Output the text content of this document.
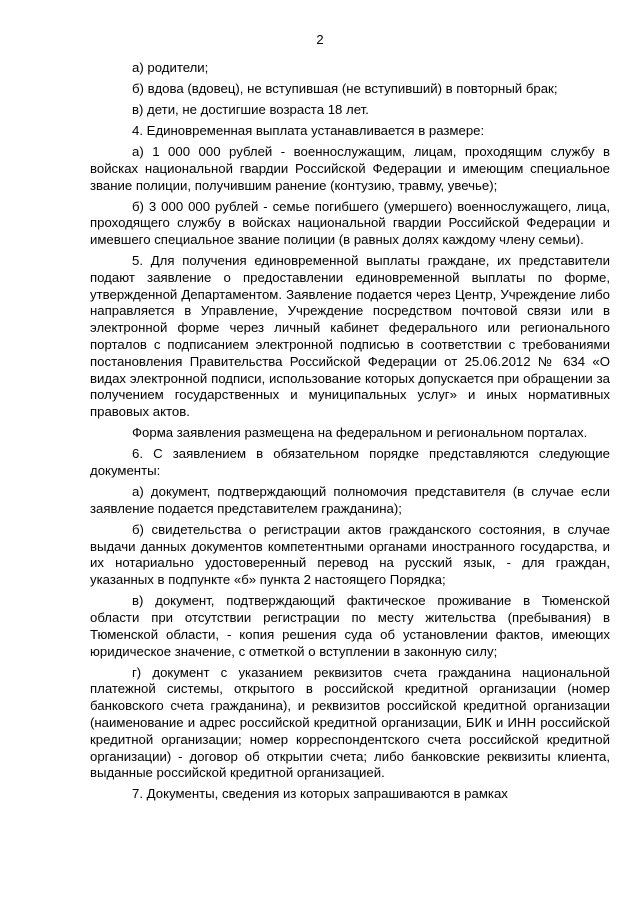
2

а) родители;

б) вдова (вдовец), не вступившая (не вступивший) в повторный брак;

в) дети, не достигшие возраста 18 лет.

4. Единовременная выплата устанавливается в размере:

а) 1 000 000 рублей - военнослужащим, лицам, проходящим службу в войсках национальной гвардии Российской Федерации и имеющим специальное звание полиции, получившим ранение (контузию, травму, увечье);

б) 3 000 000 рублей - семье погибшего (умершего) военнослужащего, лица, проходящего службу в войсках национальной гвардии Российской Федерации и имевшего специальное звание полиции (в равных долях каждому члену семьи).

5. Для получения единовременной выплаты граждане, их представители подают заявление о предоставлении единовременной выплаты по форме, утвержденной Департаментом. Заявление подается через Центр, Учреждение либо направляется в Управление, Учреждение посредством почтовой связи или в электронной форме через личный кабинет федерального или регионального порталов с подписанием электронной подписью в соответствии с требованиями постановления Правительства Российской Федерации от 25.06.2012 № 634 «О видах электронной подписи, использование которых допускается при обращении за получением государственных и муниципальных услуг» и иных нормативных правовых актов.

Форма заявления размещена на федеральном и региональном порталах.

6. С заявлением в обязательном порядке представляются следующие документы:

а) документ, подтверждающий полномочия представителя (в случае если заявление подается представителем гражданина);

б) свидетельства о регистрации актов гражданского состояния, в случае выдачи данных документов компетентными органами иностранного государства, и их нотариально удостоверенный перевод на русский язык, - для граждан, указанных в подпункте «б» пункта 2 настоящего Порядка;

в) документ, подтверждающий фактическое проживание в Тюменской области при отсутствии регистрации по месту жительства (пребывания) в Тюменской области, - копия решения суда об установлении фактов, имеющих юридическое значение, с отметкой о вступлении в законную силу;

г) документ с указанием реквизитов счета гражданина национальной платежной системы, открытого в российской кредитной организации (номер банковского счета гражданина), и реквизитов российской кредитной организации (наименование и адрес российской кредитной организации, БИК и ИНН российской кредитной организации; номер корреспондентского счета российской кредитной организации) - договор об открытии счета; либо банковские реквизиты клиента, выданные российской кредитной организацией.

7. Документы, сведения из которых запрашиваются в рамках
